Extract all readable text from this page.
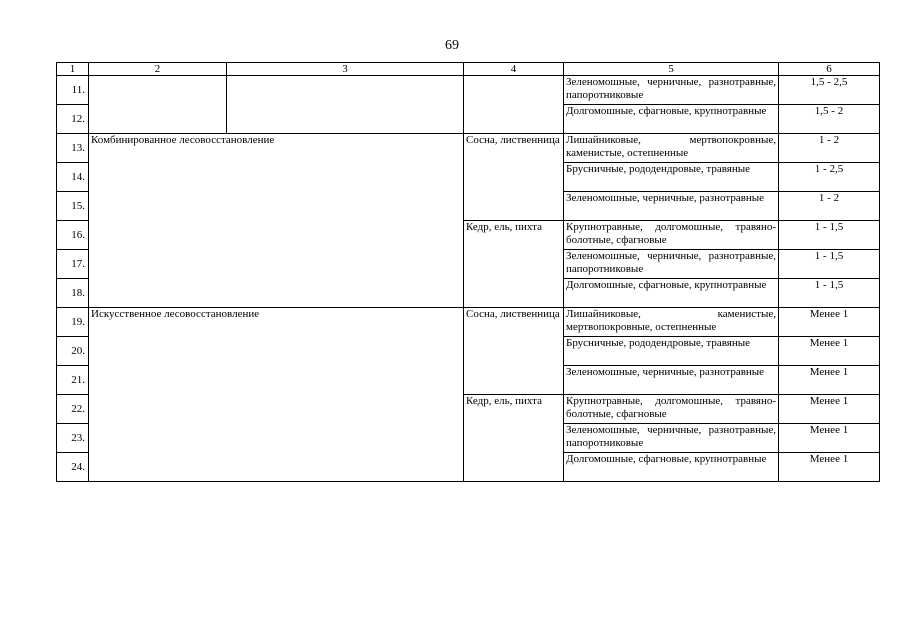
69
1	2	3	4	5	6
11.				Зеленомошные, черничные, разнотравные, папоротниковые	1,5 - 2,5
12.				Долгомошные, сфагновые, крупнотравные	1,5 - 2
13.	Комбинированное лесовосстановление		Сосна, лиственница	Лишайниковые, мертвопокровные, каменистые, остепненные	1 - 2
14.				Брусничные, рододендровые, травяные	1 - 2,5
15.				Зеленомошные, черничные, разнотравные	1 - 2
16.			Кедр, ель, пихта	Крупнотравные, долгомошные, травяно-болотные, сфагновые	1 - 1,5
17.				Зеленомошные, черничные, разнотравные, папоротниковые	1 - 1,5
18.				Долгомошные, сфагновые, крупнотравные	1 - 1,5
19.	Искусственное лесовосстановление		Сосна, лиственница	Лишайниковые, каменистые, мертвопокровные, остепненные	Менее 1
20.				Брусничные, рододендровые, травяные	Менее 1
21.				Зеленомошные, черничные, разнотравные	Менее 1
22.			Кедр, ель, пихта	Крупнотравные, долгомошные, травяно-болотные, сфагновые	Менее 1
23.				Зеленомошные, черничные, разнотравные, папоротниковые	Менее 1
24.				Долгомошные, сфагновые, крупнотравные	Менее 1
